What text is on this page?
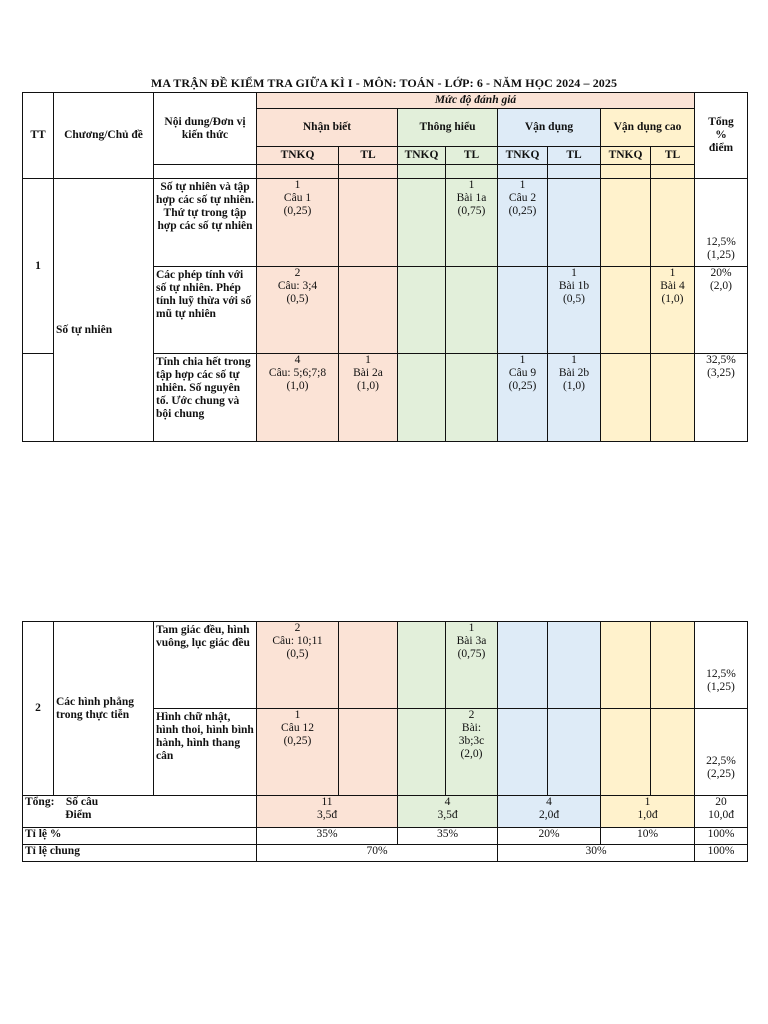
MA TRẬN ĐỀ KIỂM TRA GIỮA KÌ I - MÔN: TOÁN - LỚP: 6 - NĂM HỌC 2024 – 2025
TT	Chương/Chủ đề	Nội dung/Đơn vị kiến thức	Mức độ đánh giá								Tổng
%
điểm
			Nhận biết		Thông hiểu		Vận dụng		Vận dụng cao		
			TNKQ	TL	TNKQ	TL	TNKQ	TL	TNKQ	TL	

1	Số tự nhiên	Số tự nhiên và tập hợp các số tự nhiên. Thứ tự trong tập hợp các số tự nhiên	1
Câu 1
(0,25)			1
Bài 1a
(0,75)	1
Câu 2
(0,25)				12,5%
(1,25)
		Các phép tính với số tự nhiên. Phép tính luỹ thừa với số mũ tự nhiên	2
Câu: 3;4
(0,5)					1
Bài 1b
(0,5)		1
Bài 4
(1,0)	20%
(2,0)
		Tính chia hết trong tập hợp các số tự nhiên. Số nguyên tố. Ước chung và bội chung	4
Câu: 5;6;7;8
(1,0)	1
Bài 2a
(1,0)			1
Câu 9
(0,25)	1
Bài 2b
(1,0)			32,5%
(3,25)
2	Các hình phẳng trong thực tiễn	Tam giác đều, hình vuông, lục giác đều	2
Câu: 10;11
(0,5)			1
Bài 3a
(0,75)					12,5%
(1,25)
		Hình chữ nhật, hình thoi, hình bình hành, hình thang cân	1
Câu 12
(0,25)			2
Bài:
3b;3c
(2,0)					22,5%
(2,25)
Tổng:    Số câu
Điểm			11
3,5đ		4
3,5đ		4
2,0đ		1
1,0đ		20
10,0đ
Tỉ lệ %			35%		35%		20%		10%		100%
Tỉ lệ chung			70%				30%				100%
